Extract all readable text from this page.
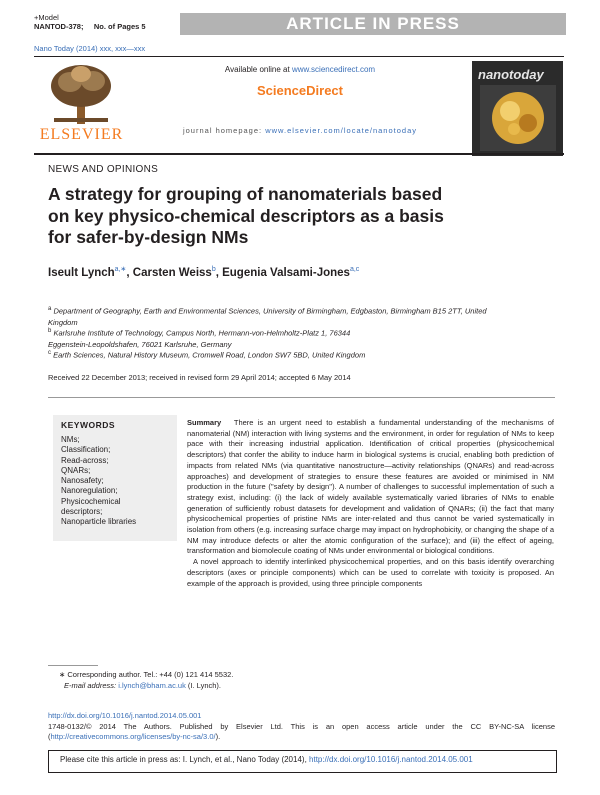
+Model
NANTOD-378;     No. of Pages 5	ARTICLE IN PRESS
Nano Today (2014) xxx, xxx—xxx
ELSEVIER
Available online at www.sciencedirect.com
ScienceDirect
journal homepage: www.elsevier.com/locate/nanotoday
nanotoday
NEWS AND OPINIONS
A strategy for grouping of nanomaterials based on key physico-chemical descriptors as a basis for safer-by-design NMs
Iseult Lynch$^{a,∗}$, Carsten Weiss$^b$, Eugenia Valsami-Jones$^{a,c}$
$^a$ Department of Geography, Earth and Environmental Sciences, University of Birmingham, Edgbaston, Birmingham B15 2TT, United Kingdom
$^b$ Karlsruhe Institute of Technology, Campus North, Hermann-von-Helmholtz-Platz 1, 76344 Eggenstein-Leopoldshafen, 76021 Karlsruhe, Germany
$^c$ Earth Sciences, Natural History Museum, Cromwell Road, London SW7 5BD, United Kingdom
Received 22 December 2013; received in revised form 29 April 2014; accepted 6 May 2014
KEYWORDS
NMs;
Classification;
Read-across;
QNARs;
Nanosafety;
Nanoregulation;
Physicochemical
descriptors;
Nanoparticle libraries
Summary There is an urgent need to establish a fundamental understanding of the mechanisms of nanomaterial (NM) interaction with living systems and the environment, in order for regulation of NMs to keep pace with their increasing industrial application. Identification of critical properties (physicochemical descriptors) that confer the ability to induce harm in biological systems is crucial, enabling both prediction of impacts from related NMs (via quantitative nanostructure—activity relationships (QNARs) and read-across approaches) and development of strategies to ensure these features are avoided or minimised in NM production in the future (''safety by design''). A number of challenges to successful implementation of such a strategy exist, including: (i) the lack of widely available systematically varied libraries of NMs to enable generation of sufficiently robust datasets for development and validation of QNARs; (ii) the fact that many physicochemical properties of pristine NMs are inter-related and thus cannot be varied systematically in isolation from others (e.g. increasing surface charge may impact on hydrophobicity, or changing the shape of a NM may introduce defects or alter the atomic configuration of the surface); and (iii) the effect of ageing, transformation and biomolecule coating of NMs under environmental or biological conditions.
A novel approach to identify interlinked physicochemical properties, and on this basis identify overarching descriptors (axes or principle components) which can be used to correlate with toxicity is proposed. An example of the approach is provided, using three principle components
∗ Corresponding author. Tel.: +44 (0) 121 414 5532.
E-mail address: i.lynch@bham.ac.uk (I. Lynch).
http://dx.doi.org/10.1016/j.nantod.2014.05.001
1748-0132/© 2014 The Authors. Published by Elsevier Ltd. This is an open access article under the CC BY-NC-SA license (http://creativecommons.org/licenses/by-nc-sa/3.0/).
Please cite this article in press as: I. Lynch, et al., Nano Today (2014), http://dx.doi.org/10.1016/j.nantod.2014.05.001
